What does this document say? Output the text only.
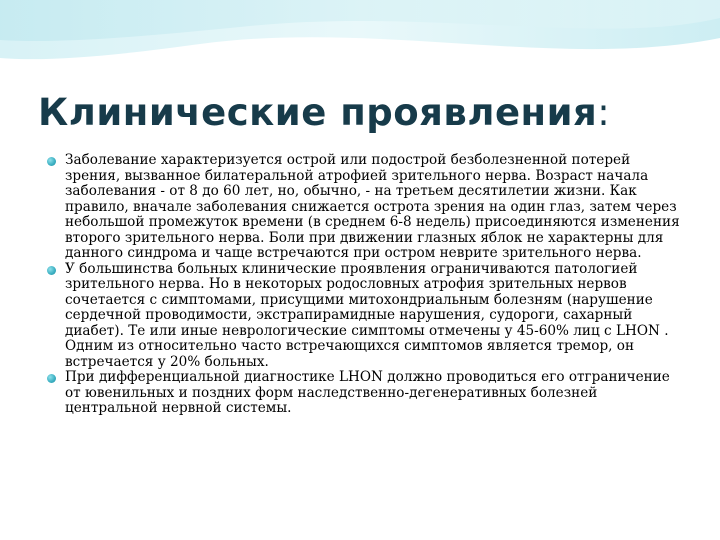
Клинические проявления:
Заболевание характеризуется острой или подострой безболезненной потерей зрения, вызванное билатеральной атрофией зрительного нерва. Возраст начала заболевания - от 8 до 60 лет, но, обычно, - на третьем десятилетии жизни. Как правило, вначале заболевания снижается острота зрения на один глаз, затем через небольшой промежуток времени (в среднем 6-8 недель) присоединяются изменения второго зрительного нерва. Боли при движении глазных яблок не характерны для данного синдрома и чаще встречаются при остром неврите зрительного нерва.
У большинства больных клинические проявления ограничиваются патологией зрительного нерва. Но в некоторых родословных атрофия зрительных нервов сочетается с симптомами, присущими митохондриальным болезням (нарушение сердечной проводимости, экстрапирамидные нарушения, судороги, сахарный диабет). Те или иные неврологические симптомы отмечены у 45-60% лиц с LHON . Одним из относительно часто встречающихся симптомов является тремор, он встречается у 20% больных.
При дифференциальной диагностике LHON должно проводиться его отграничение от ювенильных и поздних форм наследственно-дегенеративных болезней центральной нервной системы.
